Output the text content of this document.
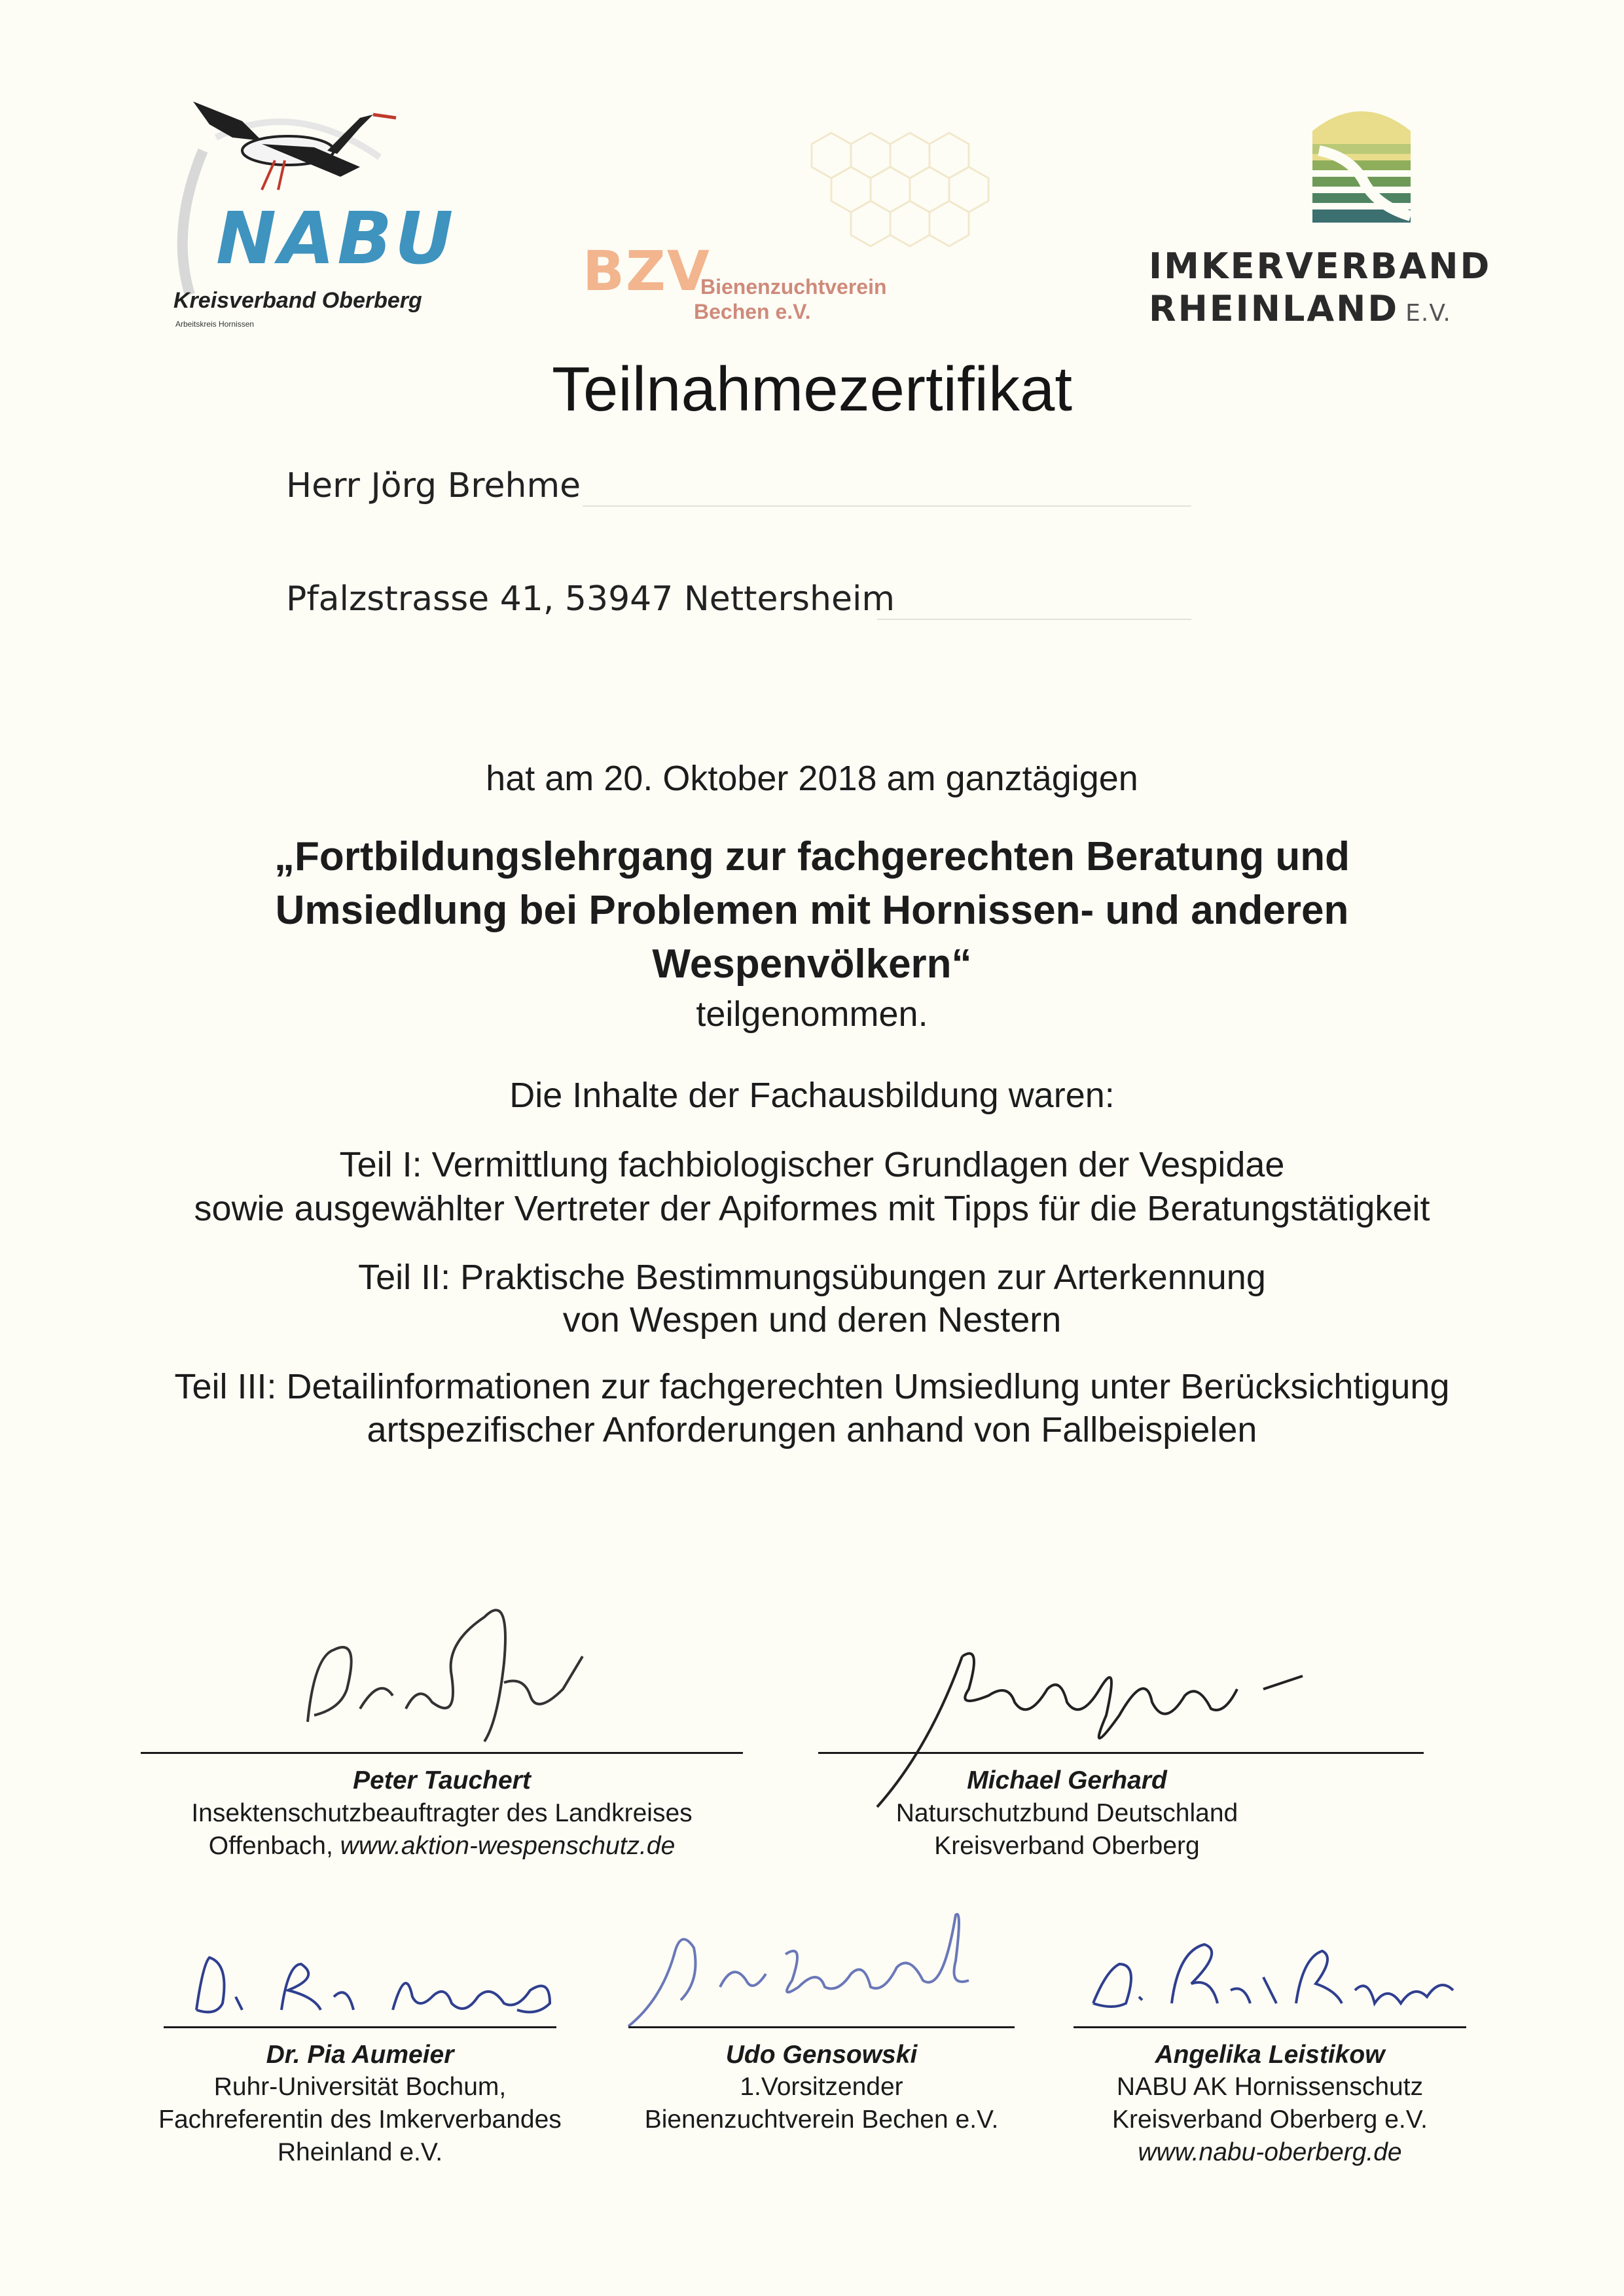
NABU
Kreisverband Oberberg
Arbeitskreis Hornissen
BZV
Bienenzuchtverein
Bechen e.V.
IMKERVERBAND
RHEINLAND E.V.
Teilnahmezertifikat
Herr Jörg Brehme
Pfalzstrasse 41, 53947 Nettersheim
hat am 20. Oktober 2018 am ganztägigen
„Fortbildungslehrgang zur fachgerechten Beratung und
Umsiedlung bei Problemen mit Hornissen- und anderen
Wespenvölkern“
teilgenommen.
Die Inhalte der Fachausbildung waren:
Teil I: Vermittlung fachbiologischer Grundlagen der Vespidae
sowie ausgewählter Vertreter der Apiformes mit Tipps für die Beratungstätigkeit
Teil II: Praktische Bestimmungsübungen zur Arterkennung
von Wespen und deren Nestern
Teil III: Detailinformationen zur fachgerechten Umsiedlung unter Berücksichtigung
artspezifischer Anforderungen anhand von Fallbeispielen
Peter Tauchert
Insektenschutzbeauftragter des Landkreises
Offenbach, www.aktion-wespenschutz.de
Michael Gerhard
Naturschutzbund Deutschland
Kreisverband Oberberg
Dr. Pia Aumeier
Ruhr-Universität Bochum,
Fachreferentin des Imkerverbandes
Rheinland e.V.
Udo Gensowski
1.Vorsitzender
Bienenzuchtverein Bechen e.V.
Angelika Leistikow
NABU AK Hornissenschutz
Kreisverband Oberberg e.V.
www.nabu-oberberg.de
